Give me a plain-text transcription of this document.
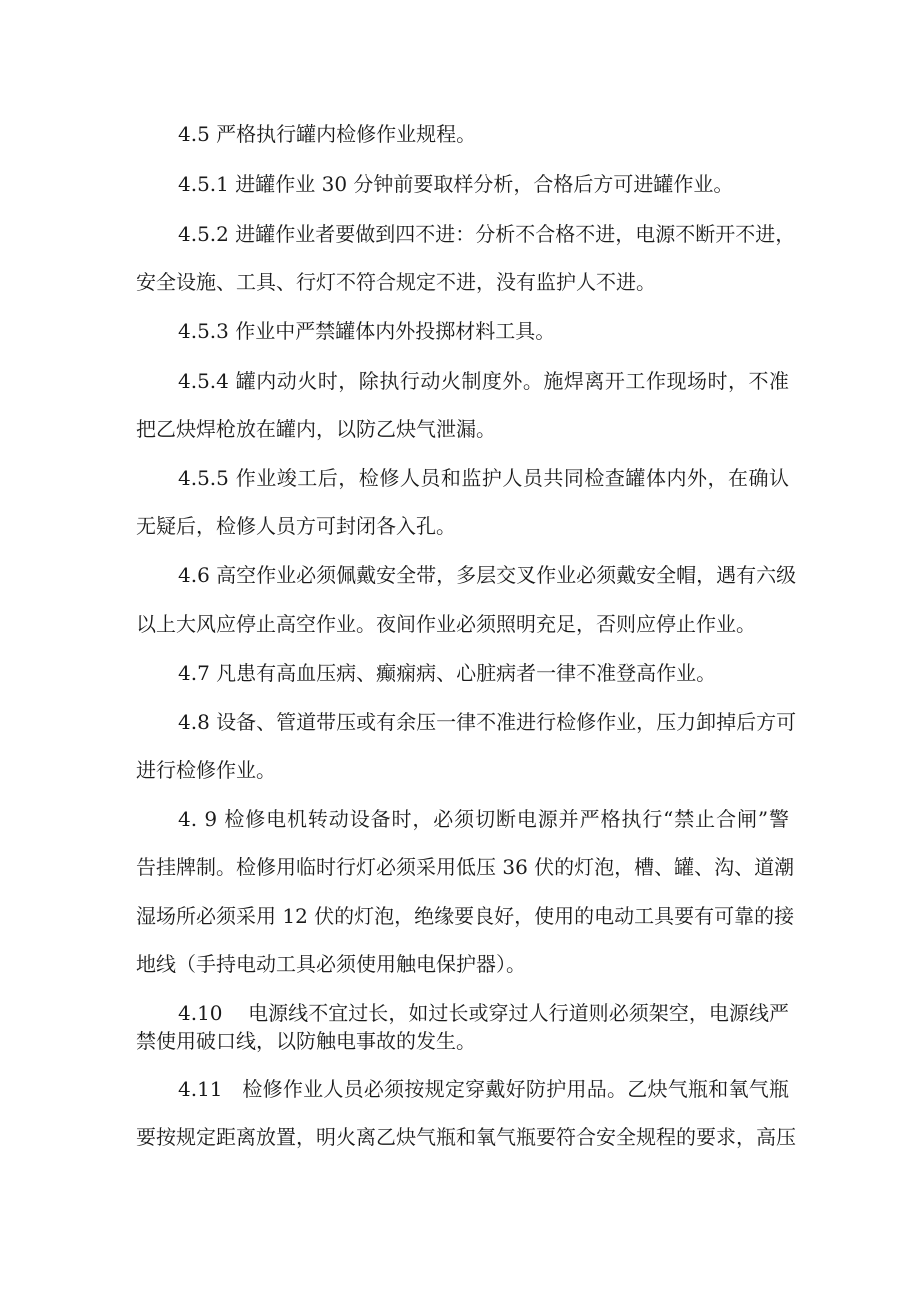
4.5 严格执行罐内检修作业规程。

4.5.1 进罐作业 30 分钟前要取样分析，合格后方可进罐作业。

4.5.2 进罐作业者要做到四不进：分析不合格不进，电源不断开不进，

安全设施、工具、行灯不符合规定不进，没有监护人不进。

4.5.3 作业中严禁罐体内外投掷材料工具。

4.5.4 罐内动火时，除执行动火制度外。施焊离开工作现场时，不准

把乙炔焊枪放在罐内，以防乙炔气泄漏。

4.5.5 作业竣工后，检修人员和监护人员共同检查罐体内外，在确认

无疑后，检修人员方可封闭各入孔。

4.6 高空作业必须佩戴安全带，多层交叉作业必须戴安全帽，遇有六级

以上大风应停止高空作业。夜间作业必须照明充足，否则应停止作业。

4.7 凡患有高血压病、癫痫病、心脏病者一律不准登高作业。

4.8 设备、管道带压或有余压一律不准进行检修作业，压力卸掉后方可

进行检修作业。

4. 9 检修电机转动设备时，必须切断电源并严格执行“禁止合闸”警

告挂牌制。检修用临时行灯必须采用低压 36 伏的灯泡，槽、罐、沟、道潮

湿场所必须采用 12 伏的灯泡，绝缘要良好，使用的电动工具要有可靠的接

地线（手持电动工具必须使用触电保护器）。

4.10    电源线不宜过长，如过长或穿过人行道则必须架空，电源线严

禁使用破口线，以防触电事故的发生。

4.11   检修作业人员必须按规定穿戴好防护用品。乙炔气瓶和氧气瓶

要按规定距离放置，明火离乙炔气瓶和氧气瓶要符合安全规程的要求，高压
